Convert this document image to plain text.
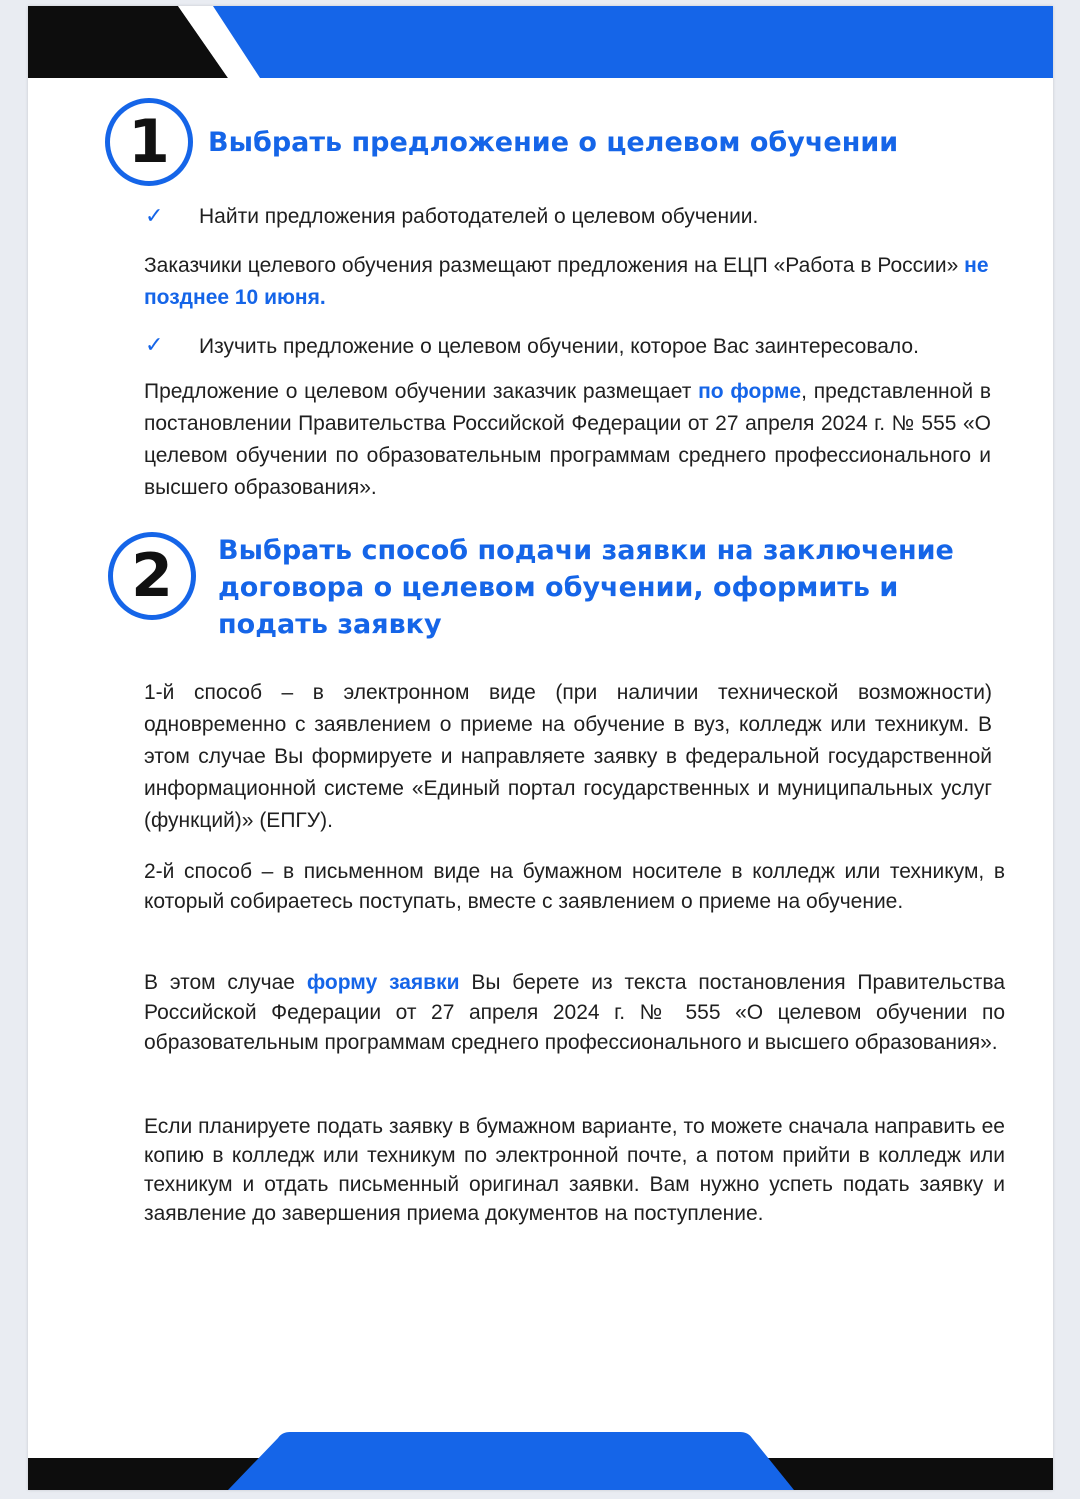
1 Выбрать предложение о целевом обучении
✓ Найти предложения работодателей о целевом обучении.
Заказчики целевого обучения размещают предложения на ЕЦП «Работа в России» не позднее 10 июня.
✓ Изучить предложение о целевом обучении, которое Вас заинтересовало.
Предложение о целевом обучении заказчик размещает по форме, представленной в постановлении Правительства Российской Федерации от 27 апреля 2024 г. № 555 «О целевом обучении по образовательным программам среднего профессионального и высшего образования».
2 Выбрать способ подачи заявки на заключение договора о целевом обучении, оформить и подать заявку
1-й способ – в электронном виде (при наличии технической возможности) одновременно с заявлением о приеме на обучение в вуз, колледж или техникум. В этом случае Вы формируете и направляете заявку в федеральной государственной информационной системе «Единый портал государственных и муниципальных услуг (функций)» (ЕПГУ).
2-й способ – в письменном виде на бумажном носителе в колледж или техникум, в который собираетесь поступать, вместе с заявлением о приеме на обучение.
В этом случае форму заявки Вы берете из текста постановления Правительства Российской Федерации от 27 апреля 2024 г. № 555 «О целевом обучении по образовательным программам среднего профессионального и высшего образования».
Если планируете подать заявку в бумажном варианте, то можете сначала направить ее копию в колледж или техникум по электронной почте, а потом прийти в колледж или техникум и отдать письменный оригинал заявки. Вам нужно успеть подать заявку и заявление до завершения приема документов на поступление.
